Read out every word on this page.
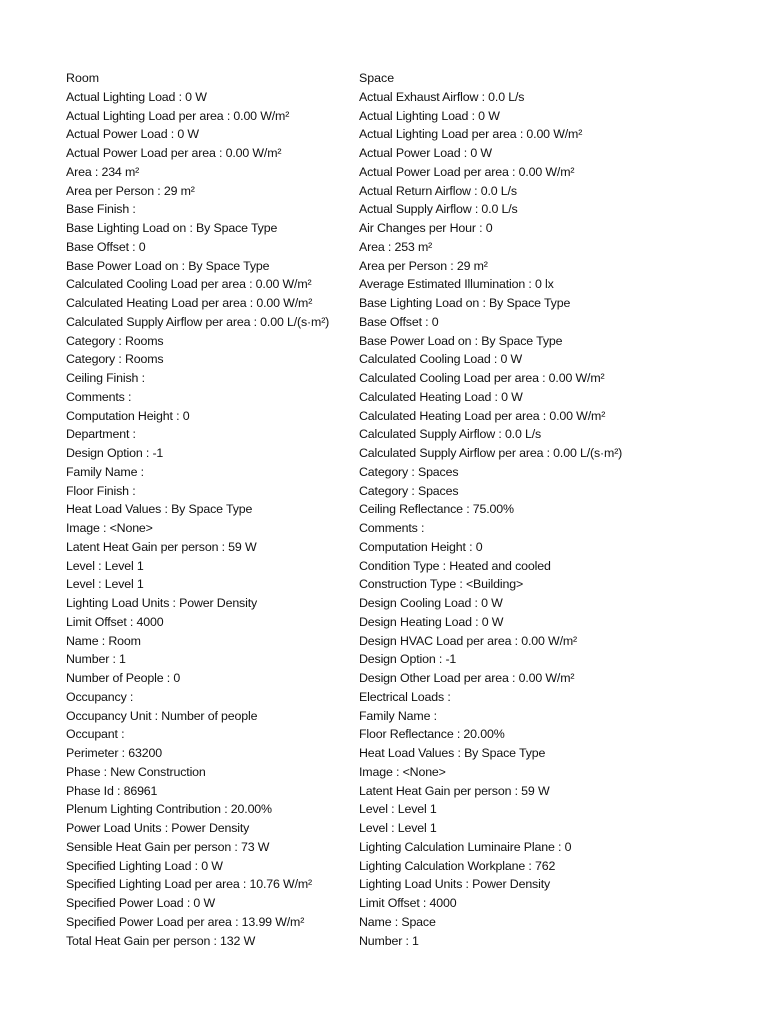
Room
Actual Lighting Load : 0 W
Actual Lighting Load per area : 0.00 W/m²
Actual Power Load : 0 W
Actual Power Load per area : 0.00 W/m²
Area : 234 m²
Area per Person : 29 m²
Base Finish :
Base Lighting Load on : By Space Type
Base Offset : 0
Base Power Load on : By Space Type
Calculated Cooling Load per area : 0.00 W/m²
Calculated Heating Load per area : 0.00 W/m²
Calculated Supply Airflow per area : 0.00 L/(s·m²)
Category : Rooms
Category : Rooms
Ceiling Finish :
Comments :
Computation Height : 0
Department :
Design Option : -1
Family Name :
Floor Finish :
Heat Load Values : By Space Type
Image : <None>
Latent Heat Gain per person : 59 W
Level : Level 1
Level : Level 1
Lighting Load Units : Power Density
Limit Offset : 4000
Name : Room
Number : 1
Number of People : 0
Occupancy :
Occupancy Unit : Number of people
Occupant :
Perimeter : 63200
Phase : New Construction
Phase Id : 86961
Plenum Lighting Contribution : 20.00%
Power Load Units : Power Density
Sensible Heat Gain per person : 73 W
Specified Lighting Load : 0 W
Specified Lighting Load per area : 10.76 W/m²
Specified Power Load : 0 W
Specified Power Load per area : 13.99 W/m²
Total Heat Gain per person : 132 W
Space
Actual Exhaust Airflow : 0.0 L/s
Actual Lighting Load : 0 W
Actual Lighting Load per area : 0.00 W/m²
Actual Power Load : 0 W
Actual Power Load per area : 0.00 W/m²
Actual Return Airflow : 0.0 L/s
Actual Supply Airflow : 0.0 L/s
Air Changes per Hour : 0
Area : 253 m²
Area per Person : 29 m²
Average Estimated Illumination : 0 lx
Base Lighting Load on : By Space Type
Base Offset : 0
Base Power Load on : By Space Type
Calculated Cooling Load : 0 W
Calculated Cooling Load per area : 0.00 W/m²
Calculated Heating Load : 0 W
Calculated Heating Load per area : 0.00 W/m²
Calculated Supply Airflow : 0.0 L/s
Calculated Supply Airflow per area : 0.00 L/(s·m²)
Category : Spaces
Category : Spaces
Ceiling Reflectance : 75.00%
Comments :
Computation Height : 0
Condition Type : Heated and cooled
Construction Type : <Building>
Design Cooling Load : 0 W
Design Heating Load : 0 W
Design HVAC Load per area : 0.00 W/m²
Design Option : -1
Design Other Load per area : 0.00 W/m²
Electrical Loads :
Family Name :
Floor Reflectance : 20.00%
Heat Load Values : By Space Type
Image : <None>
Latent Heat Gain per person : 59 W
Level : Level 1
Level : Level 1
Lighting Calculation Luminaire Plane : 0
Lighting Calculation Workplane : 762
Lighting Load Units : Power Density
Limit Offset : 4000
Name : Space
Number : 1
